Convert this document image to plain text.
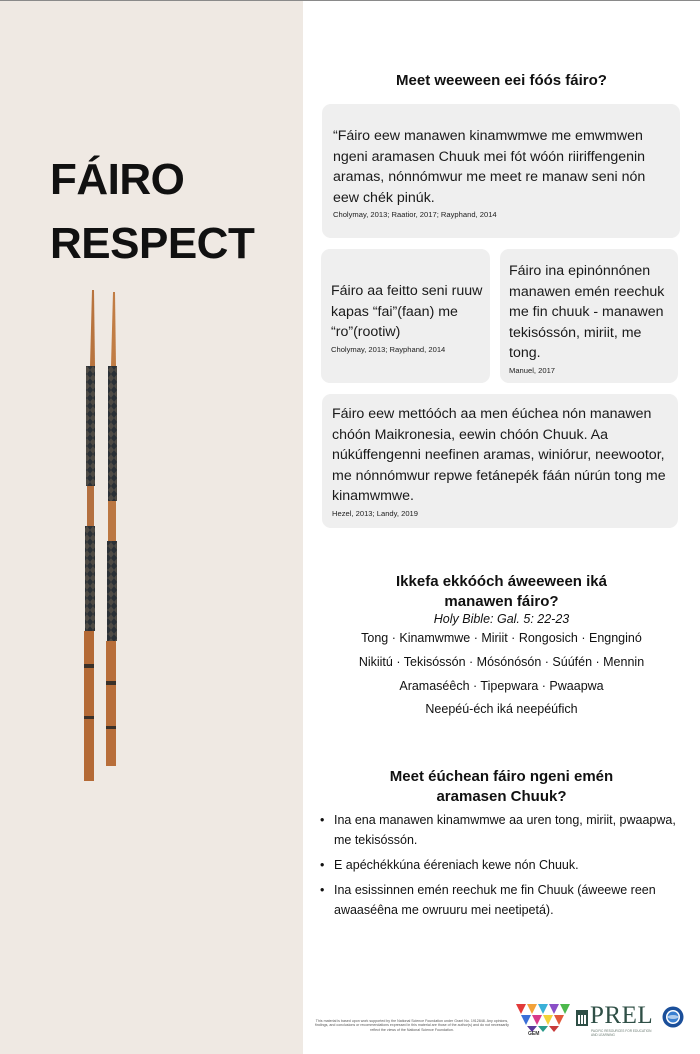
FÁIRO
RESPECT
Meet weeween eei fóós fáiro?
“Fáiro eew manawen kinamwmwe me emwmwen ngeni aramasen Chuuk mei fót wóón riiriffengenin aramas, nónnómwur me meet re manaw seni nón eew chék pinúk.
Cholymay, 2013; Raatior, 2017; Rayphand, 2014
Fáiro aa feitto seni ruuw kapas “fai”(faan) me “ro”(rootiw)
Cholymay, 2013; Rayphand, 2014
Fáiro ina epinónnónen manawen emén reechuk me fin chuuk - manawen tekisóssón, miriit, me tong.
Manuel, 2017
Fáiro eew mettóóch aa men éúchea nón manawen chóón Maikronesia, eewin chóón Chuuk. Aa núkúffengenni neefinen aramas, winiórur, neewootor, me nónnómwur repwe fetánepék fáán núrún tong me kinamwmwe.
Hezel, 2013; Landy, 2019
Ikkefa ekkóóch áweeween iká
manawen fáiro?
Holy Bible: Gal. 5: 22-23
Tong · Kinamwmwe · Miriit · Rongosich · Engnginó
Nikiitú · Tekisóssón · Mósónósón · Súúfén · Mennin
Aramaséêch · Tipepwara · Pwaapwa
Neepéú-éch iká neepéúfich
Meet éúchean fáiro ngeni emén
aramasen Chuuk?
• Ina ena manawen kinamwmwe aa uren tong, miriit, pwaapwa, me tekisóssón.
• E apéchékkúna ééreniach kewe nón Chuuk.
• Ina esissinnen emén reechuk me fin Chuuk (áweewe reen awaaséêna me owruuru mei neetipetá).
This material is based upon work supported by the National Science Foundation under Grant No. 1912848. Any opinions, findings, and conclusions or recommendations expressed in this material are those of the author(s) and do not necessarily reflect the views of the National Science Foundation.
GEM
PREL
PACIFIC RESOURCES FOR EDUCATION AND LEARNING
